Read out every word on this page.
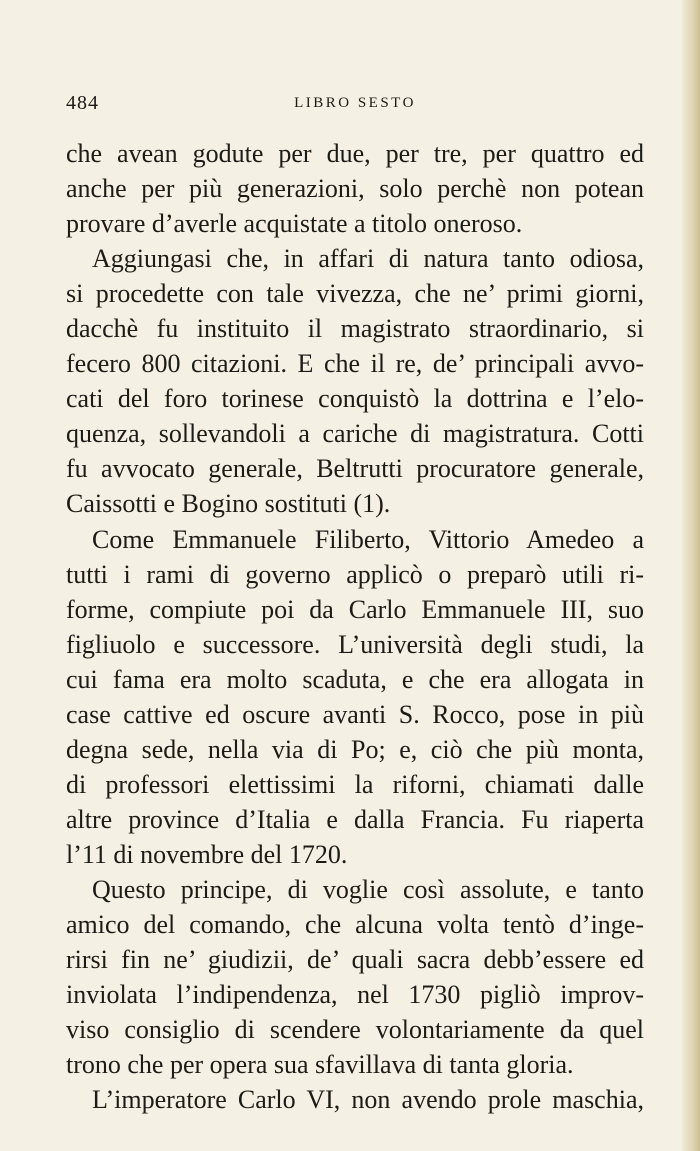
484	LIBRO SESTO
che avean godute per due, per tre, per quattro ed
anche per più generazioni, solo perchè non potean
provare d’averle acquistate a titolo oneroso.
Aggiungasi che, in affari di natura tanto odiosa,
si procedette con tale vivezza, che ne’ primi giorni,
dacchè fu instituito il magistrato straordinario, si
fecero 800 citazioni. E che il re, de’ principali avvo-
cati del foro torinese conquistò la dottrina e l’elo-
quenza, sollevandoli a cariche di magistratura. Cotti
fu avvocato generale, Beltrutti procuratore generale,
Caissotti e Bogino sostituti (1).
Come Emmanuele Filiberto, Vittorio Amedeo a
tutti i rami di governo applicò o preparò utili ri-
forme, compiute poi da Carlo Emmanuele III, suo
figliuolo e successore. L’università degli studi, la
cui fama era molto scaduta, e che era allogata in
case cattive ed oscure avanti S. Rocco, pose in più
degna sede, nella via di Po; e, ciò che più monta,
di professori elettissimi la riforni, chiamati dalle
altre province d’Italia e dalla Francia. Fu riaperta
l’11 di novembre del 1720.
Questo principe, di voglie così assolute, e tanto
amico del comando, che alcuna volta tentò d’inge-
rirsi fin ne’ giudizii, de’ quali sacra debb’essere ed
inviolata l’indipendenza, nel 1730 pigliò improv-
viso consiglio di scendere volontariamente da quel
trono che per opera sua sfavillava di tanta gloria.
L’imperatore Carlo VI, non avendo prole maschia,
